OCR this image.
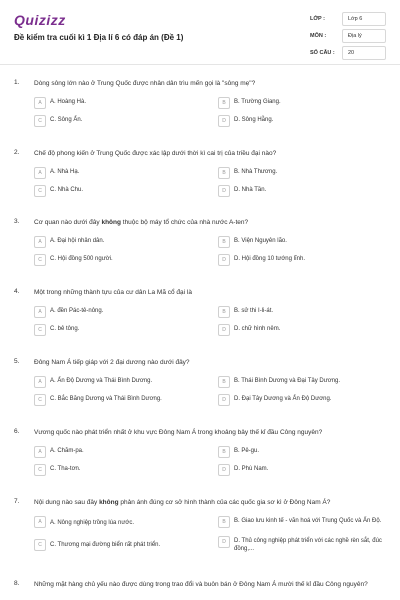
Quizizz
Đề kiểm tra cuối kì 1 Địa lí 6 có đáp án (Đề 1)
LỚP :	Lớp 6
MÔN :	Địa lý
SỐ CÂU :	20
1. Dòng sông lớn nào ở Trung Quốc được nhân dân trìu mến gọi là "sông mẹ"?
A	A. Hoàng Hà.	B	B. Trường Giang.
C	C. Sông Ấn.	D	D. Sông Hằng.
2. Chế độ phong kiến ở Trung Quốc được xác lập dưới thời kì cai trị của triều đại nào?
A	A. Nhà Hạ.	B	B. Nhà Thương.
C	C. Nhà Chu.	D	D. Nhà Tần.
3. Cơ quan nào dưới đây không thuộc bộ máy tổ chức của nhà nước A-ten?
A	A. Đại hội nhân dân.	B	B. Viện Nguyên lão.
C	C. Hội đồng 500 người.	D	D. Hội đồng 10 tướng lĩnh.
4. Một trong những thành tựu của cư dân La Mã cổ đại là
A	A. đền Pác-tê-nông.	B	B. sử thi I-li-át.
C	C. bê tông.	D	D. chữ hình nêm.
5. Đông Nam Á tiếp giáp với 2 đại dương nào dưới đây?
A	A. Ấn Độ Dương và Thái Bình Dương.	B	B. Thái Bình Dương và Đại Tây Dương.
C	C. Bắc Băng Dương và Thái Bình Dương.	D	D. Đại Tây Dương và Ấn Độ Dương.
6. Vương quốc nào phát triển nhất ở khu vực Đông Nam Á trong khoảng bảy thế kỉ đầu Công nguyên?
A	A. Chăm-pa.	B	B. Pê-gu.
C	C. Tha-tơn.	D	D. Phù Nam.
7. Nội dung nào sau đây không phản ánh đúng cơ sở hình thành của các quốc gia sơ kì ở Đông Nam Á?
A	A. Nông nghiệp trồng lúa nước.	B	B. Giao lưu kinh tế - văn hoá với Trung Quốc và Ấn Độ.
C	C. Thương mại đường biển rất phát triển.	D	D. Thủ công nghiệp phát triển với các nghề rèn sắt, đúc đồng,...
8. Những mặt hàng chủ yếu nào được dùng trong trao đổi và buôn bán ở Đông Nam Á mười thế kỉ đầu Công nguyên?
